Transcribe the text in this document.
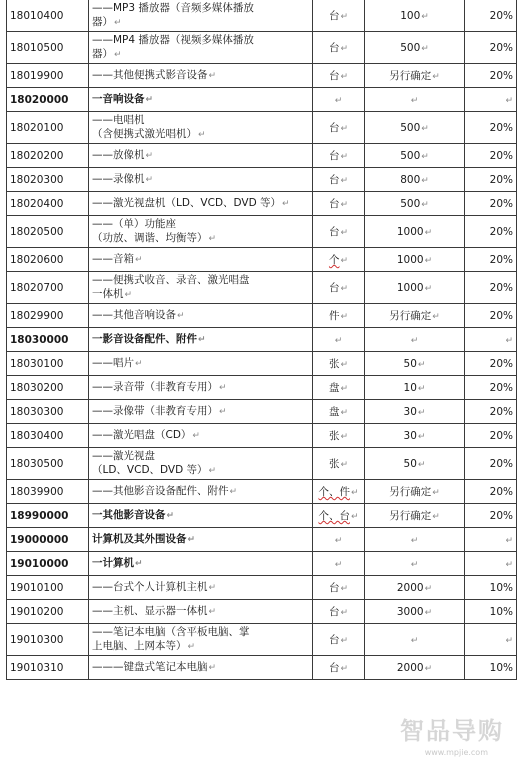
18010400	——MP3 播放器（音频多媒体播放
器）↵	台↵	100↵	20%
18010500	——MP4 播放器（视频多媒体播放
器）↵	台↵	500↵	20%
18019900	——其他便携式影音设备↵	台↵	另行确定↵	20%
18020000	一音响设备↵	↵	↵	↵
18020100	——电唱机
（含便携式激光唱机）↵	台↵	500↵	20%
18020200	——放像机↵	台↵	500↵	20%
18020300	——录像机↵	台↵	800↵	20%
18020400	——激光视盘机（LD、VCD、DVD 等）↵	台↵	500↵	20%
18020500	——（单）功能座
（功放、调谐、均衡等）↵	台↵	1000↵	20%
18020600	——音箱↵	个↵	1000↵	20%
18020700	——便携式收音、录音、激光唱盘
一体机↵	台↵	1000↵	20%
18029900	——其他音响设备↵	件↵	另行确定↵	20%
18030000	一影音设备配件、附件↵	↵	↵	↵
18030100	——唱片↵	张↵	50↵	20%
18030200	——录音带（非教育专用）↵	盘↵	10↵	20%
18030300	——录像带（非教育专用）↵	盘↵	30↵	20%
18030400	——激光唱盘（CD）↵	张↵	30↵	20%
18030500	——激光视盘
（LD、VCD、DVD 等）↵	张↵	50↵	20%
18039900	——其他影音设备配件、附件↵	个、件↵	另行确定↵	20%
18990000	一其他影音设备↵	个、台↵	另行确定↵	20%
19000000	计算机及其外围设备↵	↵	↵	↵
19010000	一计算机↵	↵	↵	↵
19010100	——台式个人计算机主机↵	台↵	2000↵	10%
19010200	——主机、显示器一体机↵	台↵	3000↵	10%
19010300	——笔记本电脑（含平板电脑、掌
上电脑、上网本等）↵	台↵	↵	↵
19010310	———键盘式笔记本电脑↵	台↵	2000↵	10%
智品导购
www.mpjie.com
